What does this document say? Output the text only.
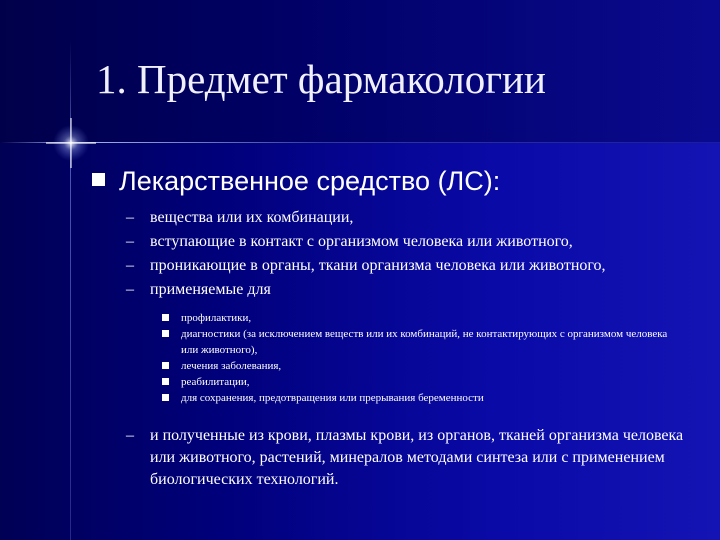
1. Предмет фармакологии
Лекарственное средство (ЛС):
– вещества или их комбинации,
– вступающие в контакт с организмом человека или животного,
– проникающие в органы, ткани организма человека или животного,
– применяемые для
профилактики,
диагностики (за исключением веществ или их комбинаций, не контактирующих с организмом человека или животного),
лечения заболевания,
реабилитации,
для сохранения, предотвращения или прерывания беременности
– и полученные из крови, плазмы крови, из органов, тканей организма человека или животного, растений, минералов методами синтеза или с применением биологических технологий.
